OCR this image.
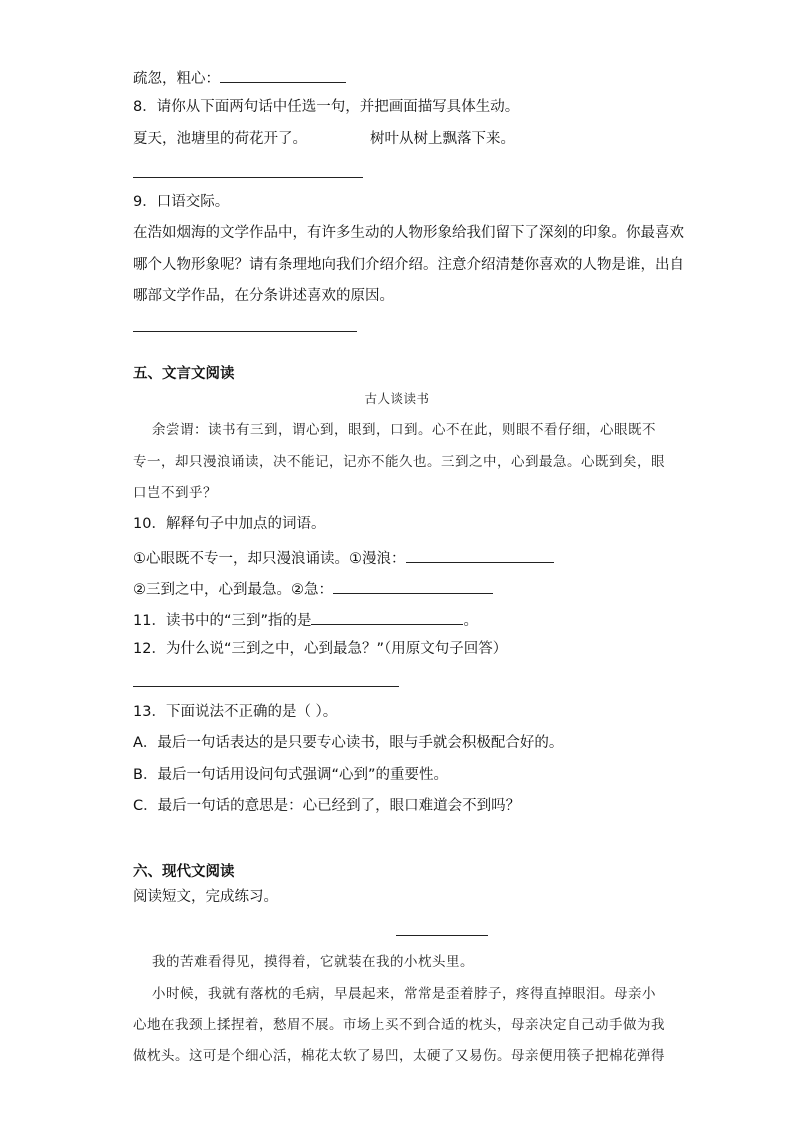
疏忽，粗心：
8．请你从下面两句话中任选一句，并把画面描写具体生动。
夏天，池塘里的荷花开了。	树叶从树上飘落下来。
9．口语交际。
在浩如烟海的文学作品中，有许多生动的人物形象给我们留下了深刻的印象。你最喜欢
哪个人物形象呢？请有条理地向我们介绍介绍。注意介绍清楚你喜欢的人物是谁，出自
哪部文学作品，在分条讲述喜欢的原因。
五、文言文阅读
古人谈读书
余尝谓：读书有三到，谓心到，眼到，口到。心不在此，则眼不看仔细，心眼既不
专一，却只漫浪诵读，决不能记，记亦不能久也。三到之中，心到最急。心既到矣，眼
口岂不到乎？
10．解释句子中加点的词语。
①心眼既不专一，却只漫浪诵读。①漫浪：
②三到之中，心到最急。②急：
11．读书中的“三到”指的是	。
12．为什么说“三到之中，心到最急？”（用原文句子回答）
13．下面说法不正确的是（ ）。
A．最后一句话表达的是只要专心读书，眼与手就会积极配合好的。
B．最后一句话用设问句式强调“心到”的重要性。
C．最后一句话的意思是：心已经到了，眼口难道会不到吗？
六、现代文阅读
阅读短文，完成练习。
我的苦难看得见，摸得着，它就装在我的小枕头里。
小时候，我就有落枕的毛病，早晨起来，常常是歪着脖子，疼得直掉眼泪。母亲小
心地在我颈上揉捏着，愁眉不展。市场上买不到合适的枕头，母亲决定自己动手做为我
做枕头。这可是个细心活，棉花太软了易凹，太硬了又易伤。母亲便用筷子把棉花弹得
